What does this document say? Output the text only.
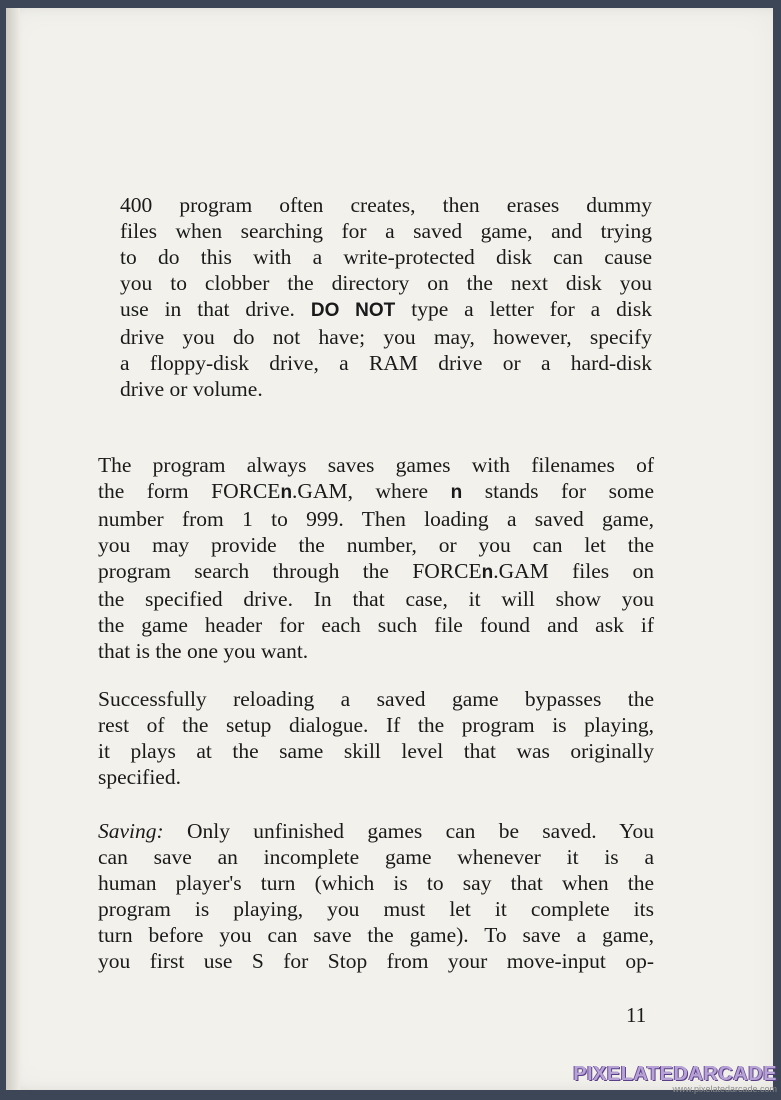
400 program often creates, then erases dummy
files when searching for a saved game, and trying
to do this with a write-protected disk can cause
you to clobber the directory on the next disk you
use in that drive. DO NOT type a letter for a disk
drive you do not have; you may, however, specify
a floppy-disk drive, a RAM drive or a hard-disk
drive or volume.
The program always saves games with filenames of
the form FORCEn.GAM, where n stands for some
number from 1 to 999. Then loading a saved game,
you may provide the number, or you can let the
program search through the FORCEn.GAM files on
the specified drive. In that case, it will show you
the game header for each such file found and ask if
that is the one you want.
Successfully reloading a saved game bypasses the
rest of the setup dialogue. If the program is playing,
it plays at the same skill level that was originally
specified.
Saving: Only unfinished games can be saved. You
can save an incomplete game whenever it is a
human player's turn (which is to say that when the
program is playing, you must let it complete its
turn before you can save the game). To save a game,
you first use S for Stop from your move-input op-
11
PIXELATEDARCADE
www.pixelatedarcade.com
